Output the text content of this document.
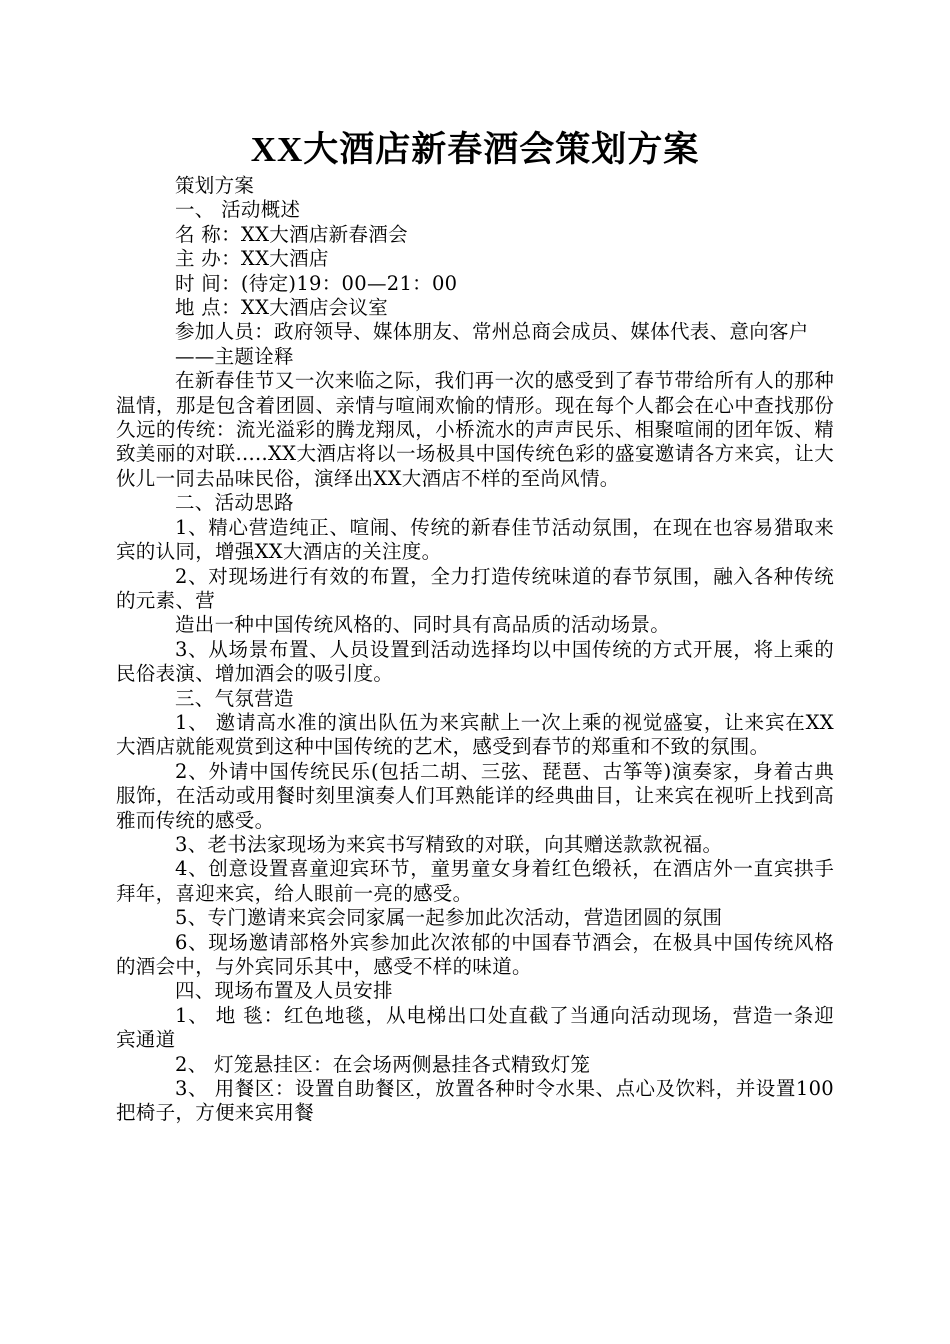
XX大酒店新春酒会策划方案

策划方案

一、 活动概述

名 称：XX大酒店新春酒会

主 办：XX大酒店

时 间：(待定)19：00—21：00

地 点：XX大酒店会议室

参加人员：政府领导、媒体朋友、常州总商会成员、媒体代表、意向客户

——主题诠释

在新春佳节又一次来临之际，我们再一次的感受到了春节带给所有人的那种温情，那是包含着团圆、亲情与喧闹欢愉的情形。现在每个人都会在心中查找那份久远的传统：流光溢彩的腾龙翔凤，小桥流水的声声民乐、相聚喧闹的团年饭、精致美丽的对联.....XX大酒店将以一场极具中国传统色彩的盛宴邀请各方来宾，让大伙儿一同去品味民俗，演绎出XX大酒店不样的至尚风情。

二、活动思路

1、精心营造纯正、喧闹、传统的新春佳节活动氛围，在现在也容易猎取来宾的认同，增强XX大酒店的关注度。

2、对现场进行有效的布置，全力打造传统味道的春节氛围，融入各种传统的元素、营

造出一种中国传统风格的、同时具有高品质的活动场景。

3、从场景布置、人员设置到活动选择均以中国传统的方式开展，将上乘的民俗表演、增加酒会的吸引度。

三、气氛营造

1、 邀请高水准的演出队伍为来宾献上一次上乘的视觉盛宴，让来宾在XX大酒店就能观赏到这种中国传统的艺术，感受到春节的郑重和不致的氛围。

2、外请中国传统民乐(包括二胡、三弦、琵琶、古筝等)演奏家，身着古典服饰，在活动或用餐时刻里演奏人们耳熟能详的经典曲目，让来宾在视听上找到高雅而传统的感受。

3、老书法家现场为来宾书写精致的对联，向其赠送款款祝福。

4、创意设置喜童迎宾环节，童男童女身着红色缎袄，在酒店外一直宾拱手拜年，喜迎来宾，给人眼前一亮的感受。

5、专门邀请来宾会同家属一起参加此次活动，营造团圆的氛围

6、现场邀请部格外宾参加此次浓郁的中国春节酒会，在极具中国传统风格的酒会中，与外宾同乐其中，感受不样的味道。

四、现场布置及人员安排

1、 地 毯：红色地毯，从电梯出口处直截了当通向活动现场，营造一条迎宾通道

2、 灯笼悬挂区：在会场两侧悬挂各式精致灯笼

3、 用餐区：设置自助餐区，放置各种时令水果、点心及饮料，并设置100把椅子，方便来宾用餐
